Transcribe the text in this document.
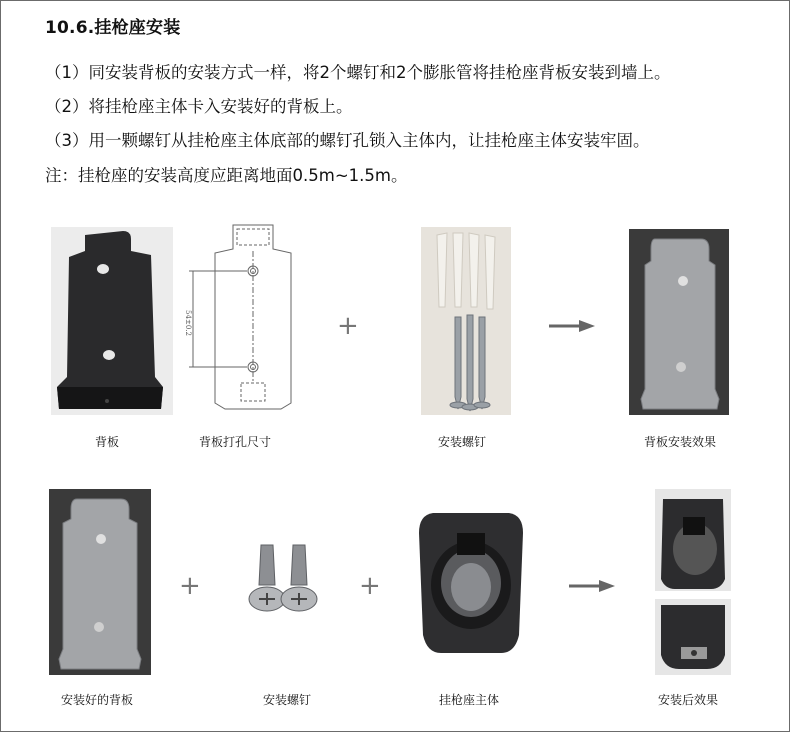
10.6.挂枪座安装
（1）同安装背板的安装方式一样，将2个螺钉和2个膨胀管将挂枪座背板安装到墙上。
（2）将挂枪座主体卡入安装好的背板上。
（3）用一颗螺钉从挂枪座主体底部的螺钉孔锁入主体内，让挂枪座主体安装牢固。
注：挂枪座的安装高度应距离地面0.5m~1.5m。
54±0.2	+
背板	背板打孔尺寸	安装螺钉	背板安装效果
+	+
安装好的背板	安装螺钉	挂枪座主体	安装后效果
